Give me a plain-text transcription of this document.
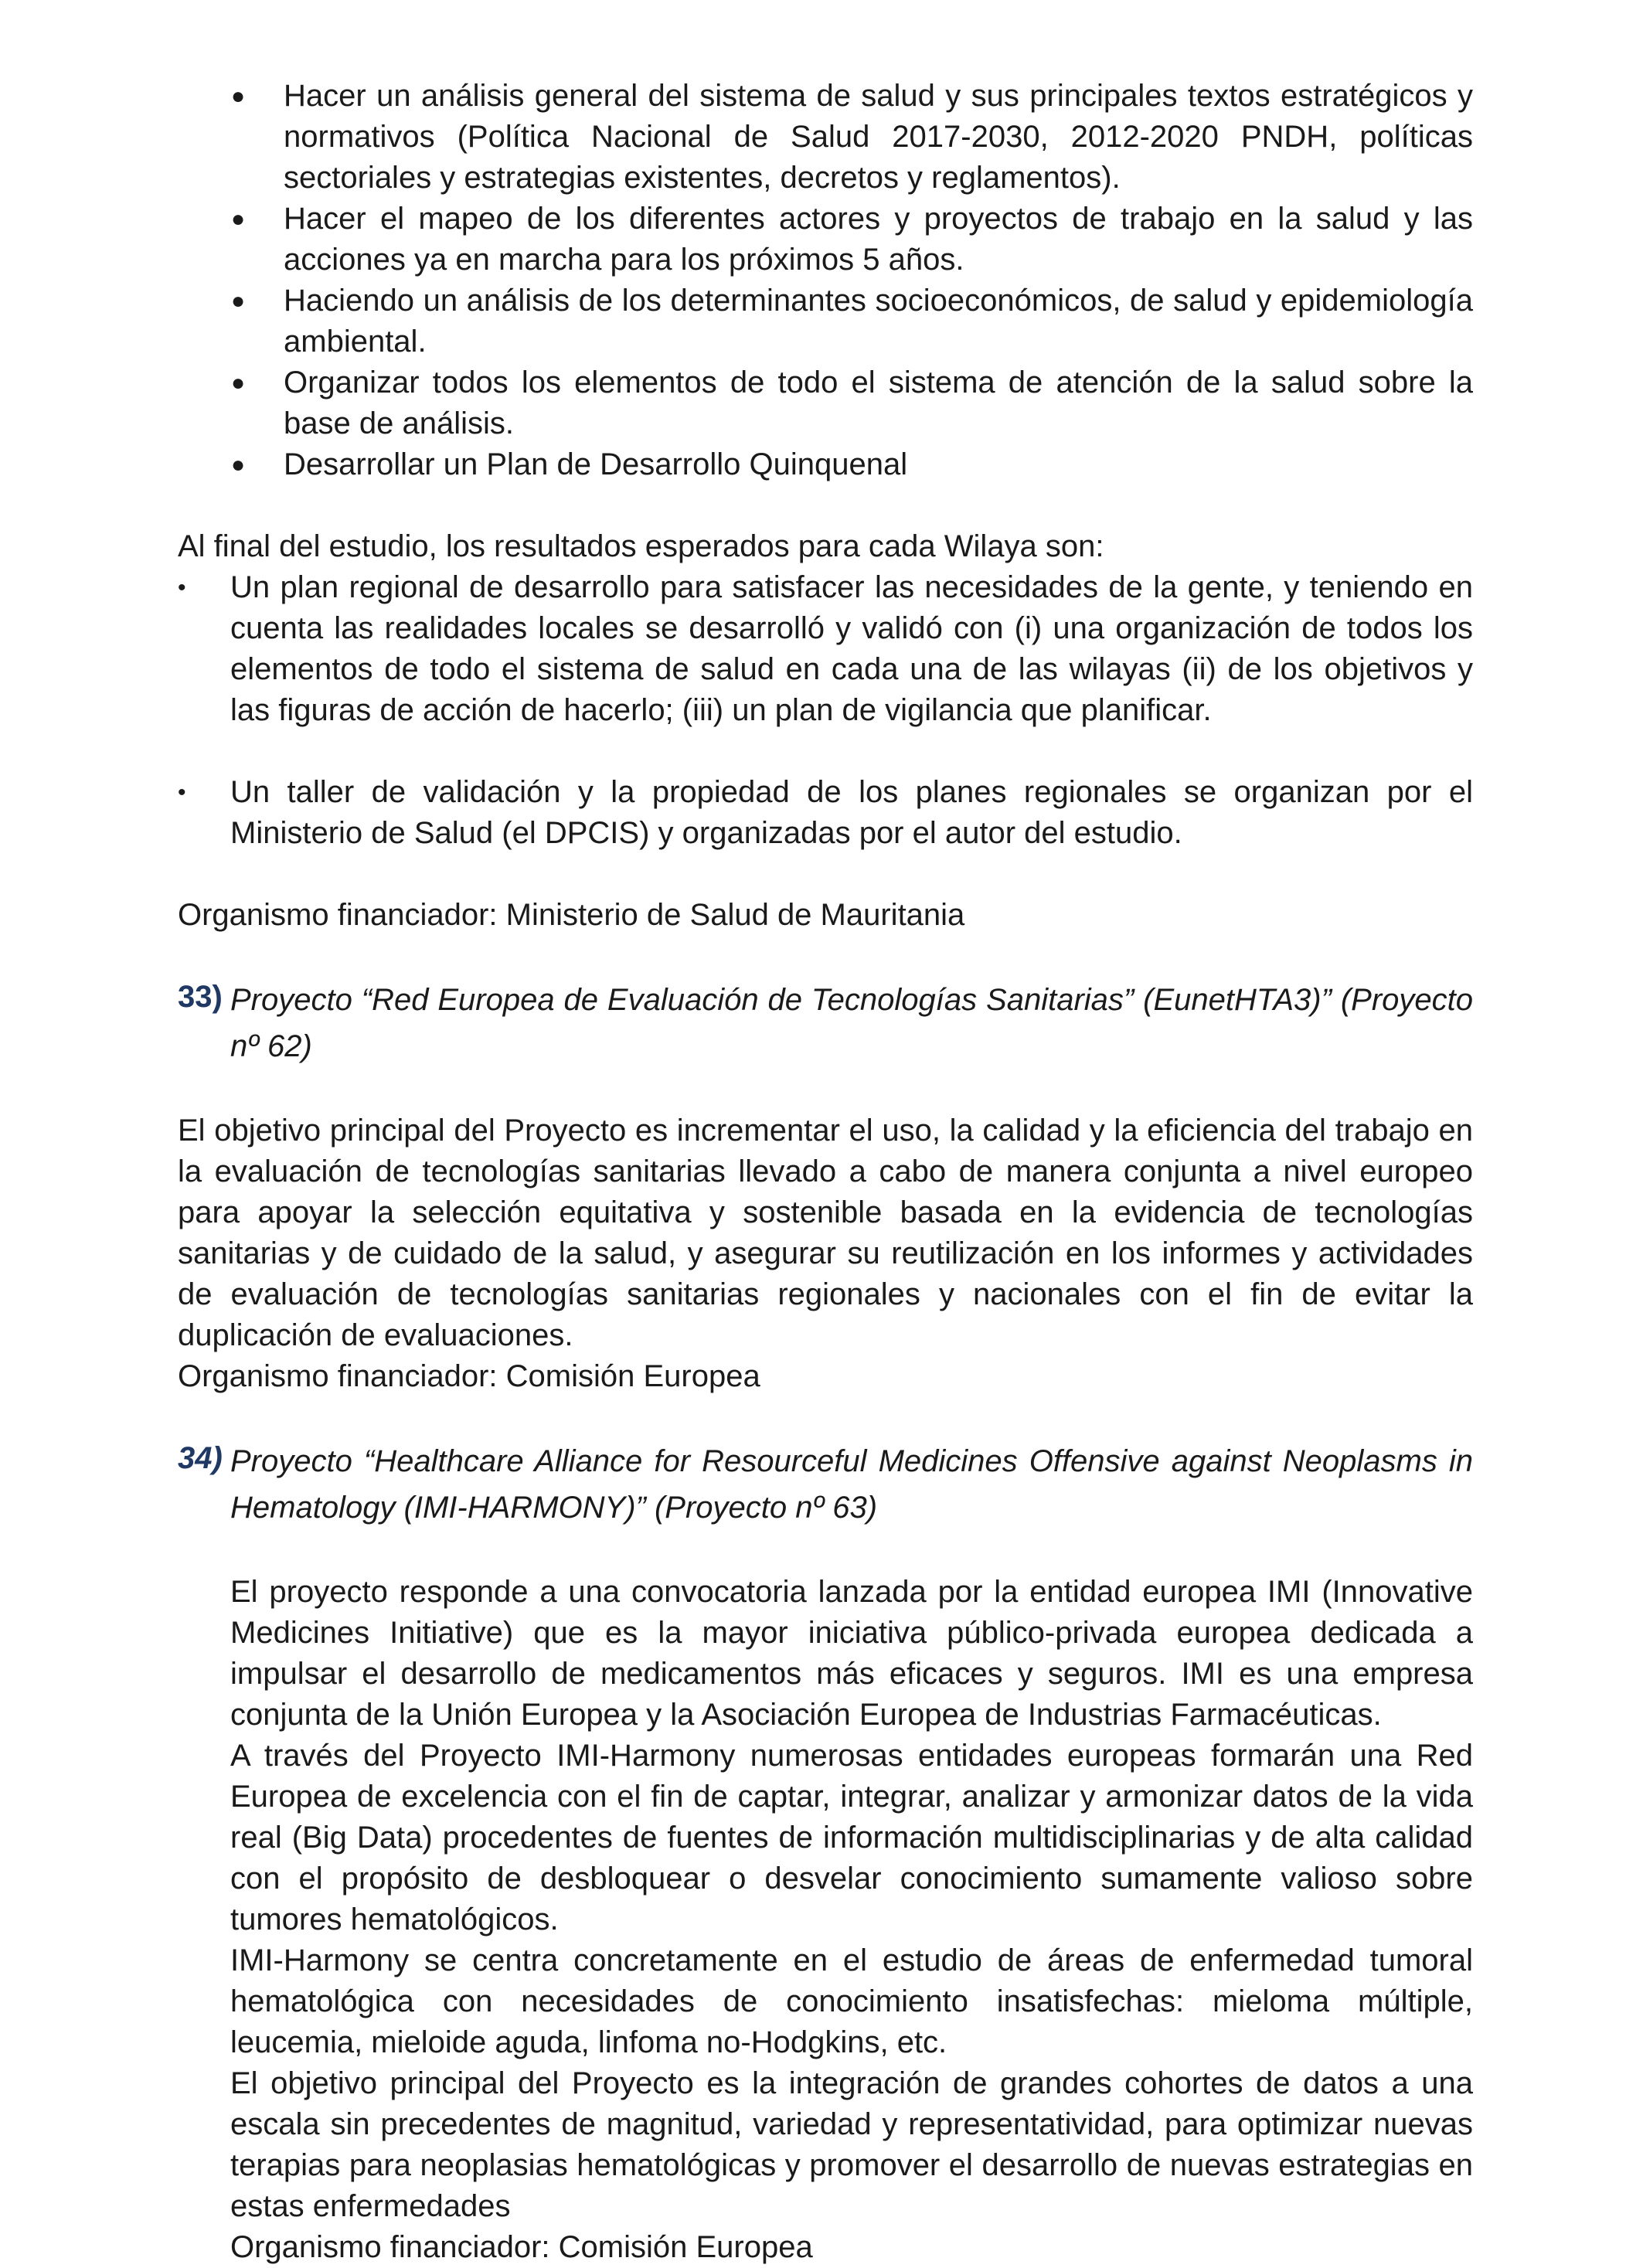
● Hacer un análisis general del sistema de salud y sus principales textos estratégicos y normativos (Política Nacional de Salud 2017-2030, 2012-2020 PNDH, políticas sectoriales y estrategias existentes, decretos y reglamentos).

● Hacer el mapeo de los diferentes actores y proyectos de trabajo en la salud y las acciones ya en marcha para los próximos 5 años.

● Haciendo un análisis de los determinantes socioeconómicos, de salud y epidemiología ambiental.

● Organizar todos los elementos de todo el sistema de atención de la salud sobre la base de análisis.

● Desarrollar un Plan de Desarrollo Quinquenal

Al final del estudio, los resultados esperados para cada Wilaya son:

• Un plan regional de desarrollo para satisfacer las necesidades de la gente, y teniendo en cuenta las realidades locales se desarrolló y validó con (i) una organización de todos los elementos de todo el sistema de salud en cada una de las wilayas (ii) de los objetivos y las figuras de acción de hacerlo; (iii) un plan de vigilancia que planificar.

• Un taller de validación y la propiedad de los planes regionales se organizan por el Ministerio de Salud (el DPCIS) y organizadas por el autor del estudio.

Organismo financiador: Ministerio de Salud de Mauritania

33) Proyecto “Red Europea de Evaluación de Tecnologías Sanitarias” (EunetHTA3)” (Proyecto nº 62)

El objetivo principal del Proyecto es incrementar el uso, la calidad y la eficiencia del trabajo en la evaluación de tecnologías sanitarias llevado a cabo de manera conjunta a nivel europeo para apoyar la selección equitativa y sostenible basada en la evidencia de tecnologías sanitarias y de cuidado de la salud, y asegurar su reutilización en los informes y actividades de evaluación de tecnologías sanitarias regionales y nacionales con el fin de evitar la duplicación de evaluaciones.

Organismo financiador: Comisión Europea

34) Proyecto “Healthcare Alliance for Resourceful Medicines Offensive against Neoplasms in Hematology (IMI-HARMONY)” (Proyecto nº 63)

El proyecto responde a una convocatoria lanzada por la entidad europea IMI (Innovative Medicines Initiative) que es la mayor iniciativa público-privada europea dedicada a impulsar el desarrollo de medicamentos más eficaces y seguros. IMI es una empresa conjunta de la Unión Europea y la Asociación Europea de Industrias Farmacéuticas.

A través del Proyecto IMI-Harmony numerosas entidades europeas formarán una Red Europea de excelencia con el fin de captar, integrar, analizar y armonizar datos de la vida real (Big Data) procedentes de fuentes de información multidisciplinarias y de alta calidad con el propósito de desbloquear o desvelar conocimiento sumamente valioso sobre tumores hematológicos.

IMI-Harmony se centra concretamente en el estudio de áreas de enfermedad tumoral hematológica con necesidades de conocimiento insatisfechas: mieloma múltiple, leucemia, mieloide aguda, linfoma no-Hodgkins, etc.

El objetivo principal del Proyecto es la integración de grandes cohortes de datos a una escala sin precedentes de magnitud, variedad y representatividad, para optimizar nuevas terapias para neoplasias hematológicas y promover el desarrollo de nuevas estrategias en estas enfermedades

Organismo financiador: Comisión Europea
